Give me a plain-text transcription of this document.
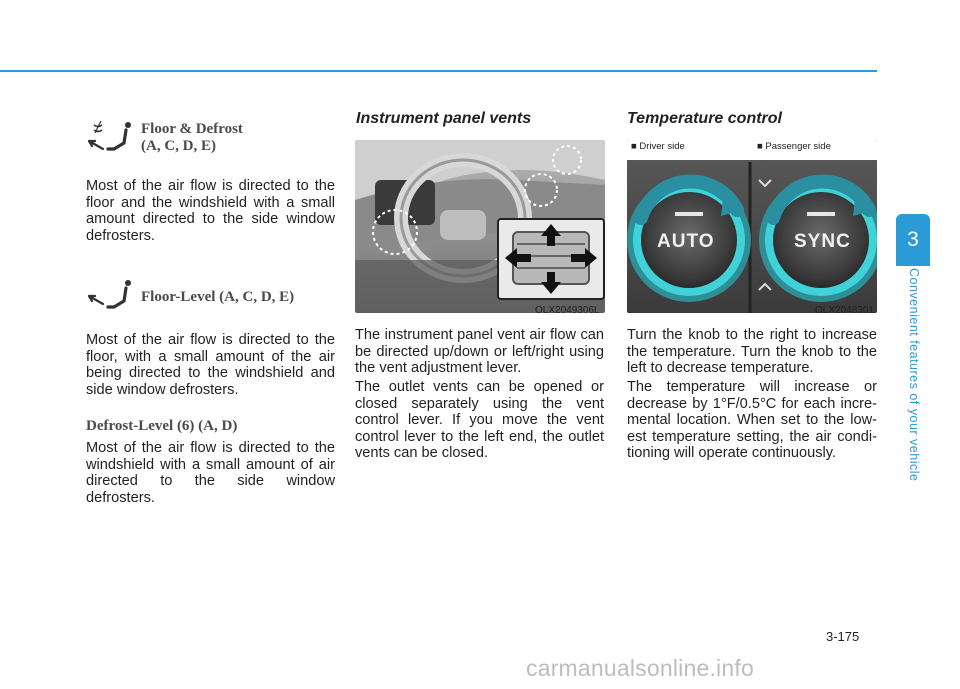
Floor & Defrost
(A, C, D, E)

Most of the air flow is directed to the floor and the windshield with a small amount directed to the side window defrosters.

Floor-Level (A, C, D, E)

Most of the air flow is directed to the floor, with a small amount of the air being directed to the windshield and side window defrosters.

Defrost-Level (6) (A, D)

Most of the air flow is directed to the windshield with a small amount of air directed to the side window defrosters.

Instrument panel vents
OLX2049306L

The instrument panel vent air flow can be directed up/down or left/right using the vent adjustment lever.

The outlet vents can be opened or closed separately using the vent control lever. If you move the vent control lever to the left end, the outlet vents can be closed.

Temperature control
■ Driver side	■ Passenger side
AUTO	SYNC
OLX2048301

Turn the knob to the right to increase the temperature. Turn the knob to the left to decrease temperature.

The temperature will increase or decrease by 1°F/0.5°C for each incre-mental location. When set to the low-est temperature setting, the air condi-tioning will operate continuously.

3
Convenient features of your vehicle
3-175
carmanualsonline.info
